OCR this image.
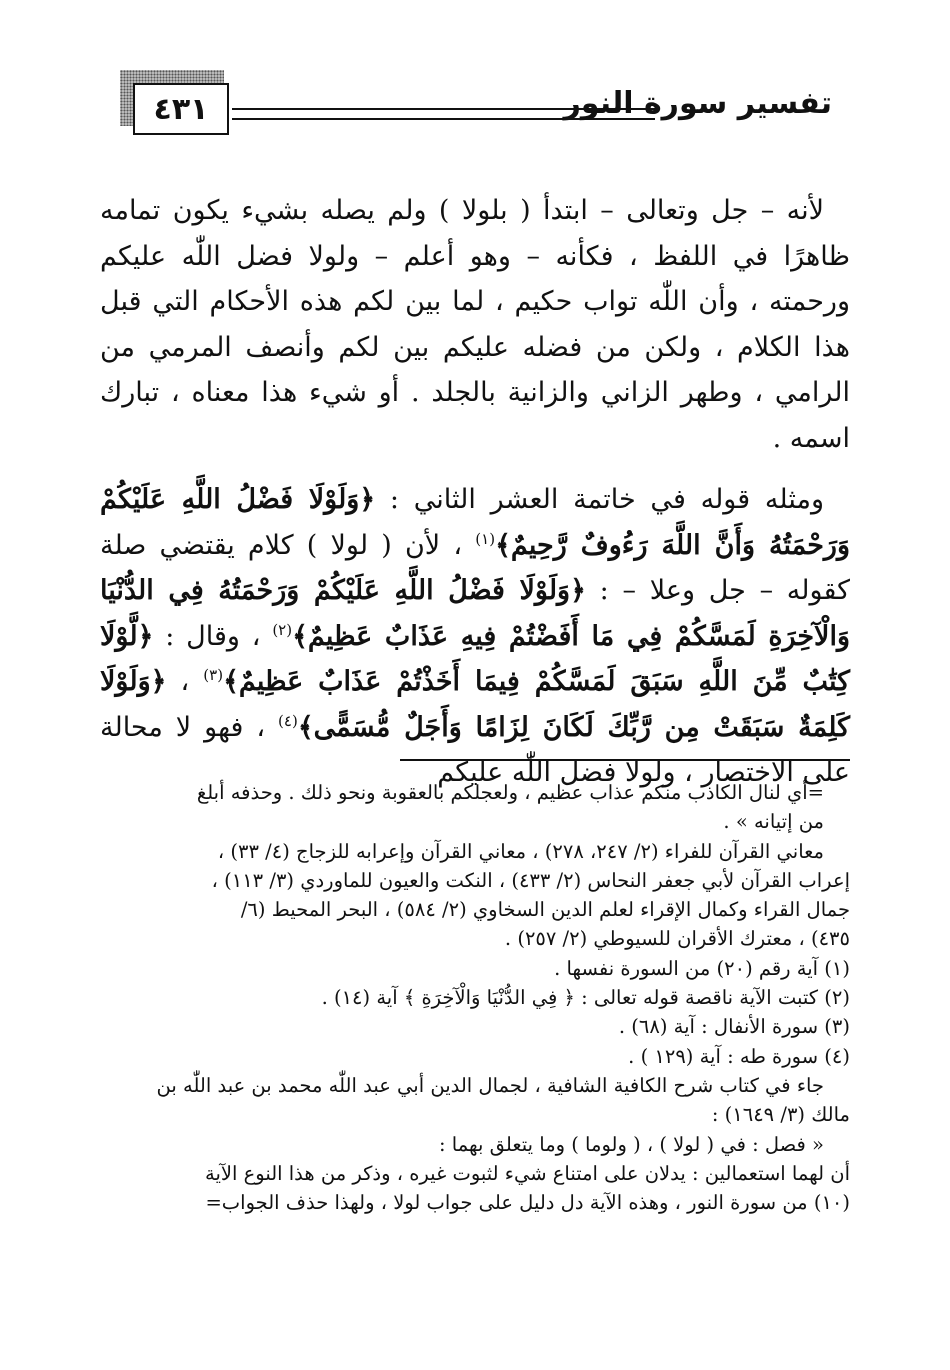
تفسير سورة النور
٤٣١

لأنه – جل وتعالى – ابتدأ ( بلولا ) ولم يصله بشيء يكون تمامه ظاهرًا في اللفظ ، فكأنه – وهو أعلم – ولولا فضل اللّٰه عليكم ورحمته ، وأن اللّٰه تواب حكيم ، لما بين لكم هذه الأحكام التي قبل هذا الكلام ، ولكن من فضله عليكم بين لكم وأنصف المرمي من الرامي ، وطهر الزاني والزانية بالجلد . أو شيء هذا معناه ، تبارك اسمه .

ومثله قوله في خاتمة العشر الثاني : ﴿وَلَوْلَا فَضْلُ اللَّهِ عَلَيْكُمْ وَرَحْمَتُهُ وَأَنَّ اللَّهَ رَءُوفٌ رَّحِيمٌ﴾$^{(١)}$ ، لأن ( لولا ) كلام يقتضي صلة كقوله – جل وعلا – : ﴿وَلَوْلَا فَضْلُ اللَّهِ عَلَيْكُمْ وَرَحْمَتُهُ فِي الدُّنْيَا وَالْآخِرَةِ لَمَسَّكُمْ فِي مَا أَفَضْتُمْ فِيهِ عَذَابٌ عَظِيمٌ﴾$^{(٢)}$ ، وقال : ﴿لَّوْلَا كِتَٰبٌ مِّنَ اللَّهِ سَبَقَ لَمَسَّكُمْ فِيمَا أَخَذْتُمْ عَذَابٌ عَظِيمٌ﴾$^{(٣)}$ ، ﴿وَلَوْلَا كَلِمَةٌ سَبَقَتْ مِن رَّبِّكَ لَكَانَ لِزَامًا وَأَجَلٌ مُّسَمًّى﴾$^{(٤)}$ ، فهو لا محالة على الاختصار ، ولولا فضل اللّٰه عليكم

=أي لنال الكاذب منكم عذاب عظيم ، ولعجلكم بالعقوبة ونحو ذلك . وحذفه أبلغ
من إتيانه » .
معاني القرآن للفراء (٢/ ٢٤٧، ٢٧٨) ، معاني القرآن وإعرابه للزجاج (٤/ ٣٣) ،
إعراب القرآن لأبي جعفر النحاس (٢/ ٤٣٣) ، النكت والعيون للماوردي (٣/ ١١٣) ،
جمال القراء وكمال الإقراء لعلم الدين السخاوي (٢/ ٥٨٤) ، البحر المحيط (٦/
٤٣٥) ، معترك الأقران للسيوطي (٢/ ٢٥٧) .
(١) آية رقم (٢٠) من السورة نفسها .
(٢) كتبت الآية ناقصة قوله تعالى : ﴿ فِي الدُّنْيَا وَالْآخِرَةِ ﴾ آية (١٤) .
(٣) سورة الأنفال : آية (٦٨) .
(٤) سورة طه : آية (١٢٩ ) .
جاء في كتاب شرح الكافية الشافية ، لجمال الدين أبي عبد اللّٰه محمد بن عبد اللّٰه بن
مالك (٣/ ١٦٤٩) :
« فصل : في ( لولا ) ، ( ولوما ) وما يتعلق بهما :
أن لهما استعمالين : يدلان على امتناع شيء لثبوت غيره ، وذكر من هذا النوع الآية
(١٠) من سورة النور ، وهذه الآية دل دليل على جواب لولا ، ولهذا حذف الجواب=
